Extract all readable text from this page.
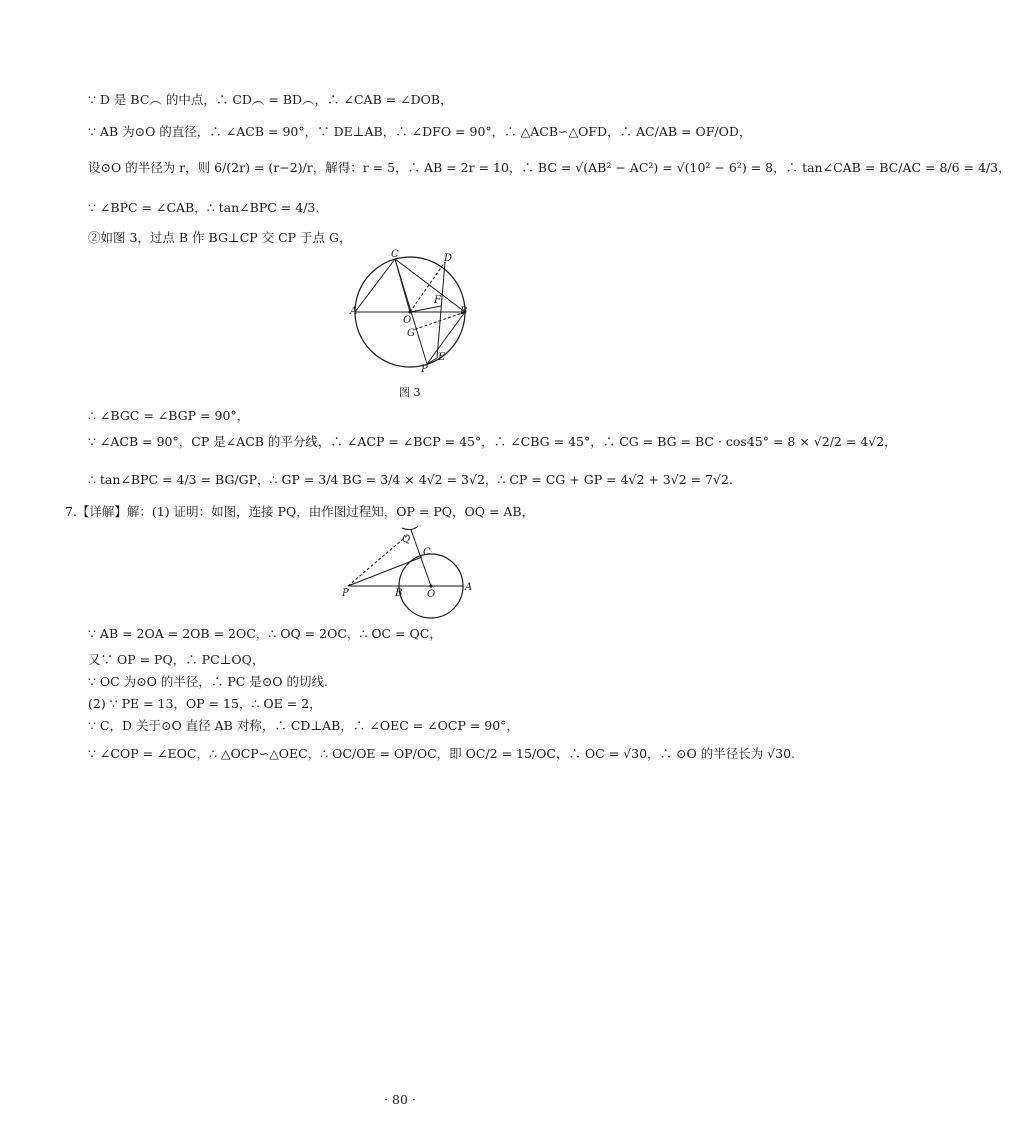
∵ D 是 BC︵ 的中点，∴ CD︵ = BD︵，∴ ∠CAB = ∠DOB，
∵ AB 为⊙O 的直径，∴ ∠ACB = 90°，∵ DE⊥AB，∴ ∠DFO = 90°，∴ △ACB∽△OFD，∴ AC/AB = OF/OD，
设⊙O 的半径为 r，则 6/(2r) = (r−2)/r，解得：r = 5，∴ AB = 2r = 10，∴ BC = √(AB² − AC²) = √(10² − 6²) = 8，∴ tan∠CAB = BC/AC = 8/6 = 4/3，
∵ ∠BPC = ∠CAB，∴ tan∠BPC = 4/3.
②如图 3，过点 B 作 BG⊥CP 交 CP 于点 G，
C	D
F
B
A
O
G
E
P
图 3
∴ ∠BGC = ∠BGP = 90°，
∵ ∠ACB = 90°，CP 是∠ACB 的平分线，∴ ∠ACP = ∠BCP = 45°，∴ ∠CBG = 45°，∴ CG = BG = BC · cos45° = 8 × √2/2 = 4√2，
∴ tan∠BPC = 4/3 = BG/GP，∴ GP = 3/4 BG = 3/4 × 4√2 = 3√2，∴ CP = CG + GP = 4√2 + 3√2 = 7√2.
7.【详解】解：(1) 证明：如图，连接 PQ，由作图过程知，OP = PQ，OQ = AB，
Q
C
P	B O
A
∵ AB = 2OA = 2OB = 2OC，∴ OQ = 2OC，∴ OC = QC，
又∵ OP = PQ，∴ PC⊥OQ，
∵ OC 为⊙O 的半径，∴ PC 是⊙O 的切线.
(2) ∵ PE = 13，OP = 15，∴ OE = 2，
∵ C，D 关于⊙O 直径 AB 对称，∴ CD⊥AB，∴ ∠OEC = ∠OCP = 90°，
∵ ∠COP = ∠EOC，∴ △OCP∽△OEC，∴ OC/OE = OP/OC，即 OC/2 = 15/OC，∴ OC = √30，∴ ⊙O 的半径长为 √30.
· 80 ·
